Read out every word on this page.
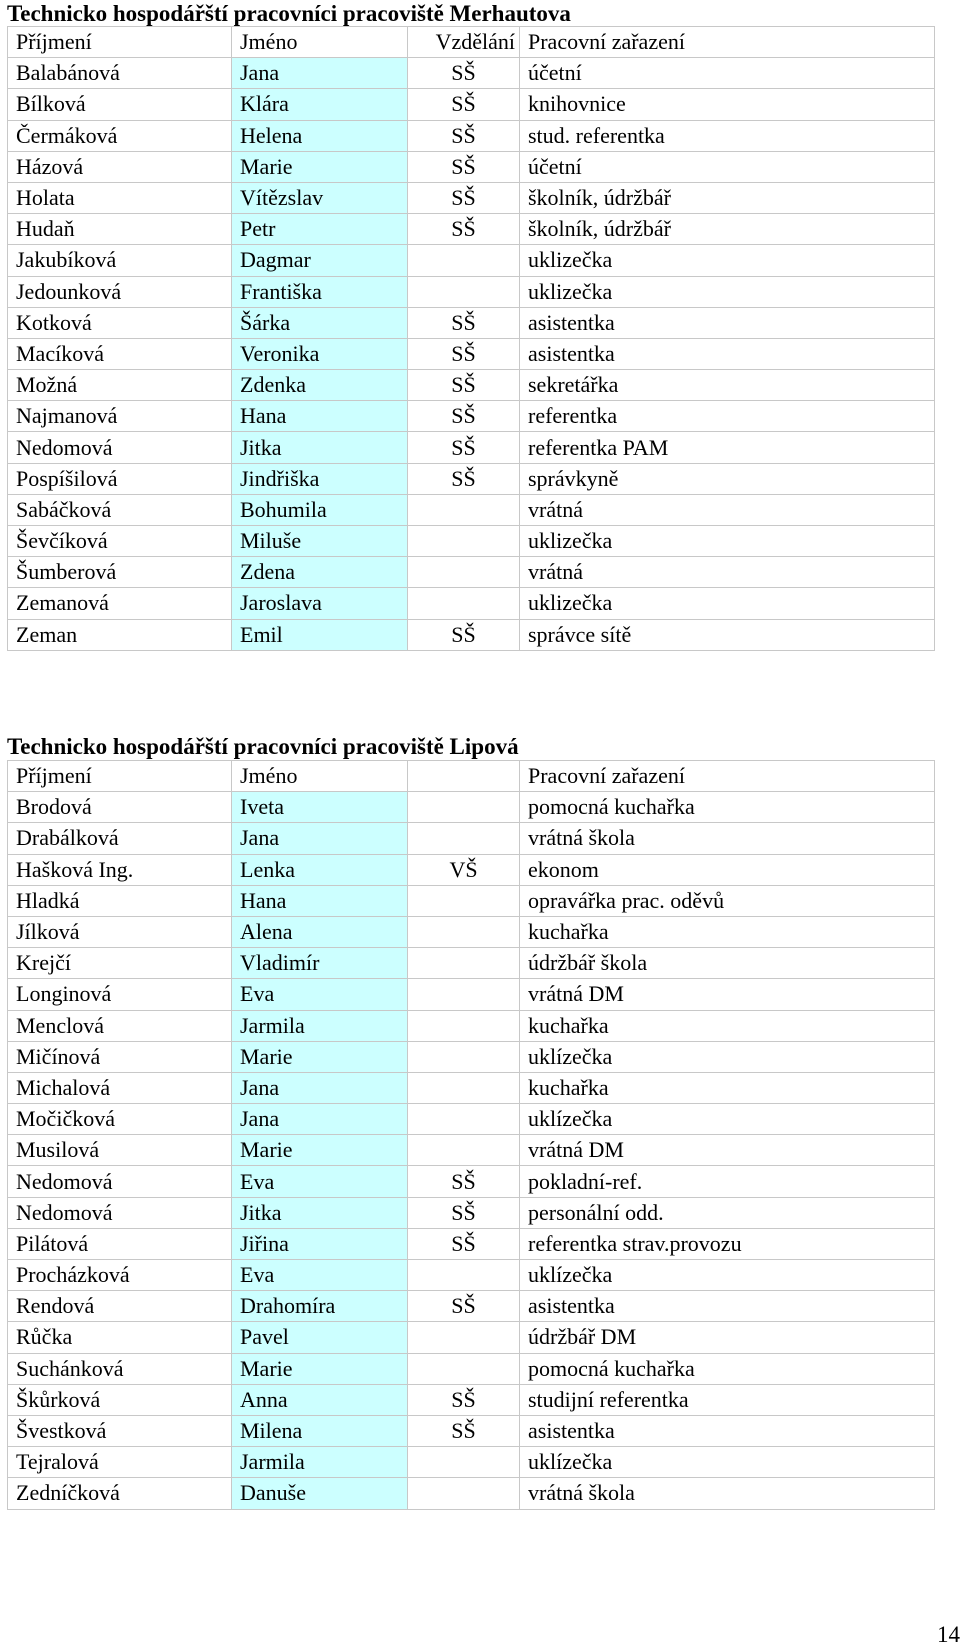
Technicko hospodářští pracovníci pracoviště Merhautova
Příjmení	Jméno	Vzdělání	Pracovní zařazení
Balabánová	Jana	SŠ	účetní
Bílková	Klára	SŠ	knihovnice
Čermáková	Helena	SŠ	stud. referentka
Házová	Marie	SŠ	účetní
Holata	Vítězslav	SŠ	školník, údržbář
Hudaň	Petr	SŠ	školník, údržbář
Jakubíková	Dagmar		uklizečka
Jedounková	Františka		uklizečka
Kotková	Šárka	SŠ	asistentka
Macíková	Veronika	SŠ	asistentka
Možná	Zdenka	SŠ	sekretářka
Najmanová	Hana	SŠ	referentka
Nedomová	Jitka	SŠ	referentka PAM
Pospíšilová	Jindřiška	SŠ	správkyně
Sabáčková	Bohumila		vrátná
Ševčíková	Miluše		uklizečka
Šumberová	Zdena		vrátná
Zemanová	Jaroslava		uklizečka
Zeman	Emil	SŠ	správce sítě
Technicko hospodářští pracovníci pracoviště Lipová
Příjmení	Jméno		Pracovní zařazení
Brodová	Iveta		pomocná kuchařka
Drabálková	Jana		vrátná škola
Hašková Ing.	Lenka	VŠ	ekonom
Hladká	Hana		opravářka prac. oděvů
Jílková	Alena		kuchařka
Krejčí	Vladimír		údržbář škola
Longinová	Eva		vrátná DM
Menclová	Jarmila		kuchařka
Mičínová	Marie		uklízečka
Michalová	Jana		kuchařka
Močičková	Jana		uklízečka
Musilová	Marie		vrátná DM
Nedomová	Eva	SŠ	pokladní-ref.
Nedomová	Jitka	SŠ	personální odd.
Pilátová	Jiřina	SŠ	referentka strav.provozu
Procházková	Eva		uklízečka
Rendová	Drahomíra	SŠ	asistentka
Růčka	Pavel		údržbář DM
Suchánková	Marie		pomocná kuchařka
Škůrková	Anna	SŠ	studijní referentka
Švestková	Milena	SŠ	asistentka
Tejralová	Jarmila		uklízečka
Zedníčková	Danuše		vrátná škola
14
